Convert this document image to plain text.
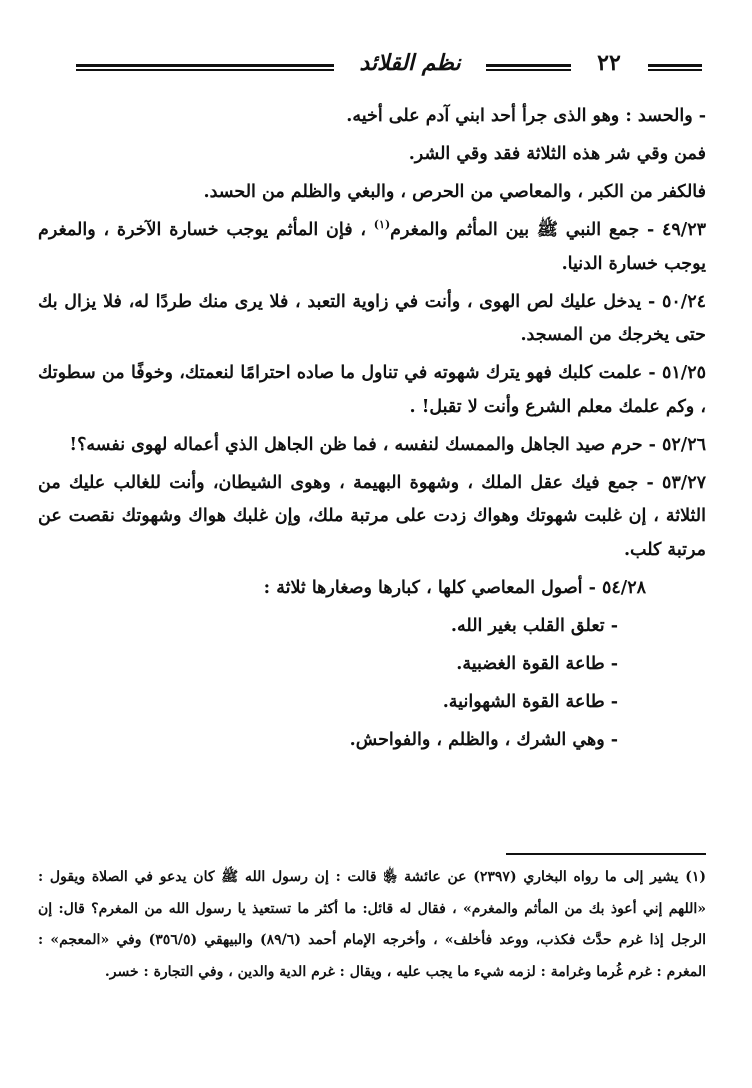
٢٢
نظم القلائد

- والحسد : وهو الذى جرأ أحد ابني آدم على أخيه.

فمن وقي شر هذه الثلاثة فقد وقي الشر.

فالكفر من الكبر ، والمعاصي من الحرص ، والبغي والظلم من الحسد.

٤٩/٢٣ - جمع النبي ﷺ بين المأثم والمغرم$^{(١)}$ ، فإن المأثم يوجب خسارة الآخرة ، والمغرم يوجب خسارة الدنيا.

٥٠/٢٤ - يدخل عليك لص الهوى ، وأنت في زاوية التعبد ، فلا يرى منك طردًا له، فلا يزال بك حتى يخرجك من المسجد.

٥١/٢٥ - علمت كلبك فهو يترك شهوته في تناول ما صاده احترامًا لنعمتك، وخوفًا من سطوتك ، وكم علمك معلم الشرع وأنت لا تقبل! .

٥٢/٢٦ - حرم صيد الجاهل والممسك لنفسه ، فما ظن الجاهل الذي أعماله لهوى نفسه؟!

٥٣/٢٧ - جمع فيك عقل الملك ، وشهوة البهيمة ، وهوى الشيطان، وأنت للغالب عليك من الثلاثة ، إن غلبت شهوتك وهواك زدت على مرتبة ملك، وإن غلبك هواك وشهوتك نقصت عن مرتبة كلب.

٥٤/٢٨ - أصول المعاصي كلها ، كبارها وصغارها ثلاثة :

- تعلق القلب بغير الله.

- طاعة القوة الغضبية.

- طاعة القوة الشهوانية.

- وهي الشرك ، والظلم ، والفواحش.

(١) يشير إلى ما رواه البخاري (٢٣٩٧) عن عائشة ﵂ قالت : إن رسول الله ﷺ كان يدعو في الصلاة ويقول : «اللهم إني أعوذ بك من المأثم والمغرم» ، فقال له قائل: ما أكثر ما تستعيذ يا رسول الله من المغرم؟ قال: إن الرجل إذا غرم حدَّث فكذب، ووعد فأخلف» ، وأخرجه الإمام أحمد (٨٩/٦) والبيهقي (٣٥٦/٥) وفي «المعجم» : المغرم : غرم غُرما وغرامة : لزمه شيء ما يجب عليه ، ويقال : غرم الدية والدين ، وفي التجارة : خسر.
